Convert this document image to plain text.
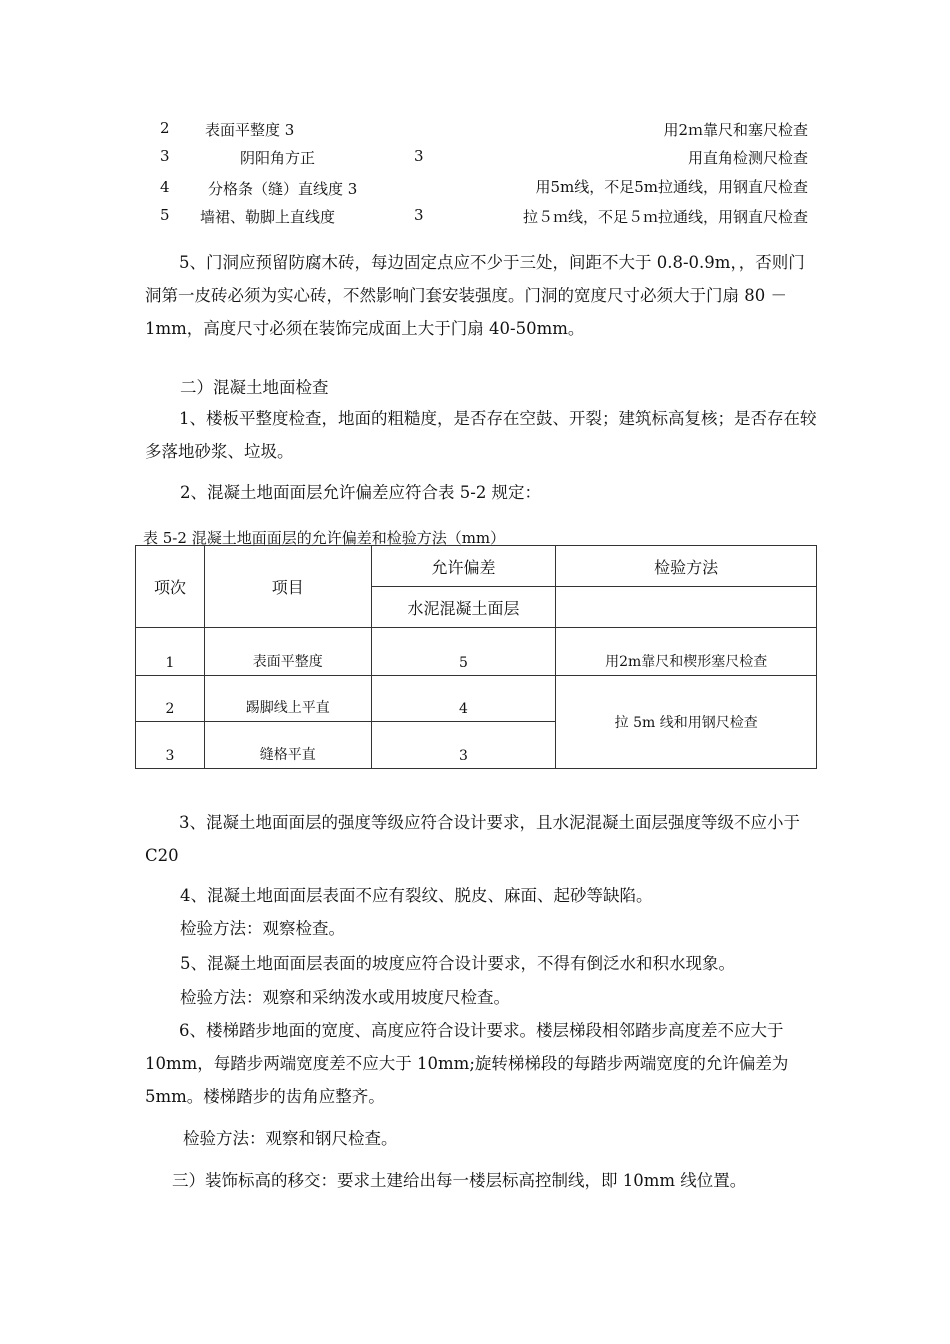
2 表面平整度 3	用2ｍ靠尺和塞尺检查
3	阴阳角方正	3	用直角检测尺检查
4	分格条（缝）直线度 3	用5m线，不足5m拉通线，用钢直尺检查
5 墙裙、勒脚上直线度	3	拉５ｍ线，不足５ｍ拉通线，用钢直尺检查

5、门洞应预留防腐木砖，每边固定点应不少于三处，间距不大于 0.8-0.9m，，否则门洞第一皮砖必须为实心砖，不然影响门套安装强度。门洞的宽度尺寸必须大于门扇 80 － 1mm，高度尺寸必须在装饰完成面上大于门扇 40-50mm。

二）混凝土地面检查

1、楼板平整度检查，地面的粗糙度，是否存在空鼓、开裂；建筑标高复核；是否存在较多落地砂浆、垃圾。

2、混凝土地面面层允许偏差应符合表 5-2 规定：
表 5-2 混凝土地面面层的允许偏差和检验方法（mm）
项次	项目	允许偏差	检验方法
		水泥混凝土面层	
1	表面平整度	5	用2m靠尺和楔形塞尺检查
2	踢脚线上平直	4	拉 5m 线和用钢尺检查
3	缝格平直	3	

3、混凝土地面面层的强度等级应符合设计要求，且水泥混凝土面层强度等级不应小于 C20

4、混凝土地面面层表面不应有裂纹、脱皮、麻面、起砂等缺陷。
检验方法：观察检查。
5、混凝土地面面层表面的坡度应符合设计要求，不得有倒泛水和积水现象。
检验方法：观察和采纳泼水或用坡度尺检查。

6、楼梯踏步地面的宽度、高度应符合设计要求。楼层梯段相邻踏步高度差不应大于 10mm，每踏步两端宽度差不应大于 10mm;旋转梯梯段的每踏步两端宽度的允许偏差为 5mm。楼梯踏步的齿角应整齐。

检验方法：观察和钢尺检查。
三）装饰标高的移交：要求土建给出每一楼层标高控制线，即 10mm 线位置。
